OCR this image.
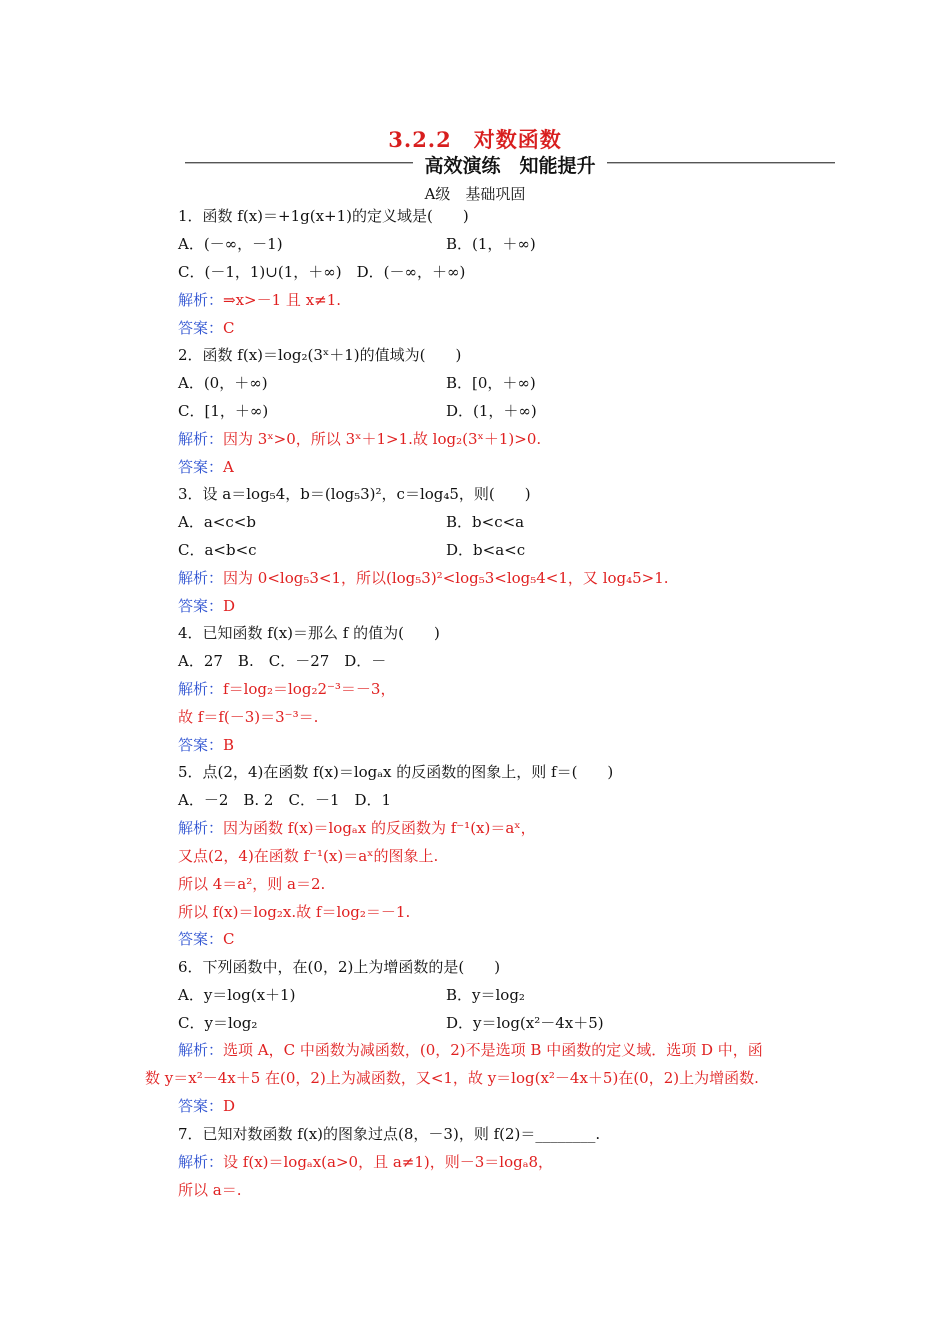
3.2.2　对数函数
高效演练　知能提升
A级　基础巩固
1．函数 f(x)＝+1g(x+1)的定义域是(　　)
A．(－∞，－1)	B．(1，＋∞)
C．(－1，1)∪(1，＋∞)　D．(－∞，＋∞)
解析：⇒x>－1 且 x≠1.
答案：C
2．函数 f(x)＝log₂(3ˣ＋1)的值域为(　　)
A．(0，＋∞)	B．[0，＋∞)
C．[1，＋∞)	D．(1，＋∞)
解析：因为 3ˣ>0，所以 3ˣ＋1>1.故 log₂(3ˣ＋1)>0.
答案：A
3．设 a＝log₅4，b＝(log₅3)²，c＝log₄5，则(　　)
A．a<c<b	B．b<c<a
C．a<b<c	D．b<a<c
解析：因为 0<log₅3<1，所以(log₅3)²<log₅3<log₅4<1，又 log₄5>1.
答案：D
4．已知函数 f(x)＝那么 f 的值为(　　)
A．27　B.　C．－27　D．－
解析：f＝log₂＝log₂2⁻³＝－3，
故 f＝f(－3)＝3⁻³＝.
答案：B
5．点(2，4)在函数 f(x)＝logₐx 的反函数的图象上，则 f＝(　　)
A．－2　B. 2　C．－1　D．1
解析：因为函数 f(x)＝logₐx 的反函数为 f⁻¹(x)＝aˣ，
又点(2，4)在函数 f⁻¹(x)＝aˣ的图象上.
所以 4＝a²，则 a＝2.
所以 f(x)＝log₂x.故 f＝log₂＝－1.
答案：C
6．下列函数中，在(0，2)上为增函数的是(　　)
A．y＝log(x＋1)	B．y＝log₂
C．y＝log₂	D．y＝log(x²－4x＋5)
解析：选项 A，C 中函数为减函数，(0，2)不是选项 B 中函数的定义域．选项 D 中，函
数 y＝x²－4x＋5 在(0，2)上为减函数，又<1，故 y＝log(x²－4x＋5)在(0，2)上为增函数.
答案：D
7．已知对数函数 f(x)的图象过点(8，－3)，则 f(2)＝________.
解析：设 f(x)＝logₐx(a>0，且 a≠1)，则－3＝logₐ8，
所以 a＝.
